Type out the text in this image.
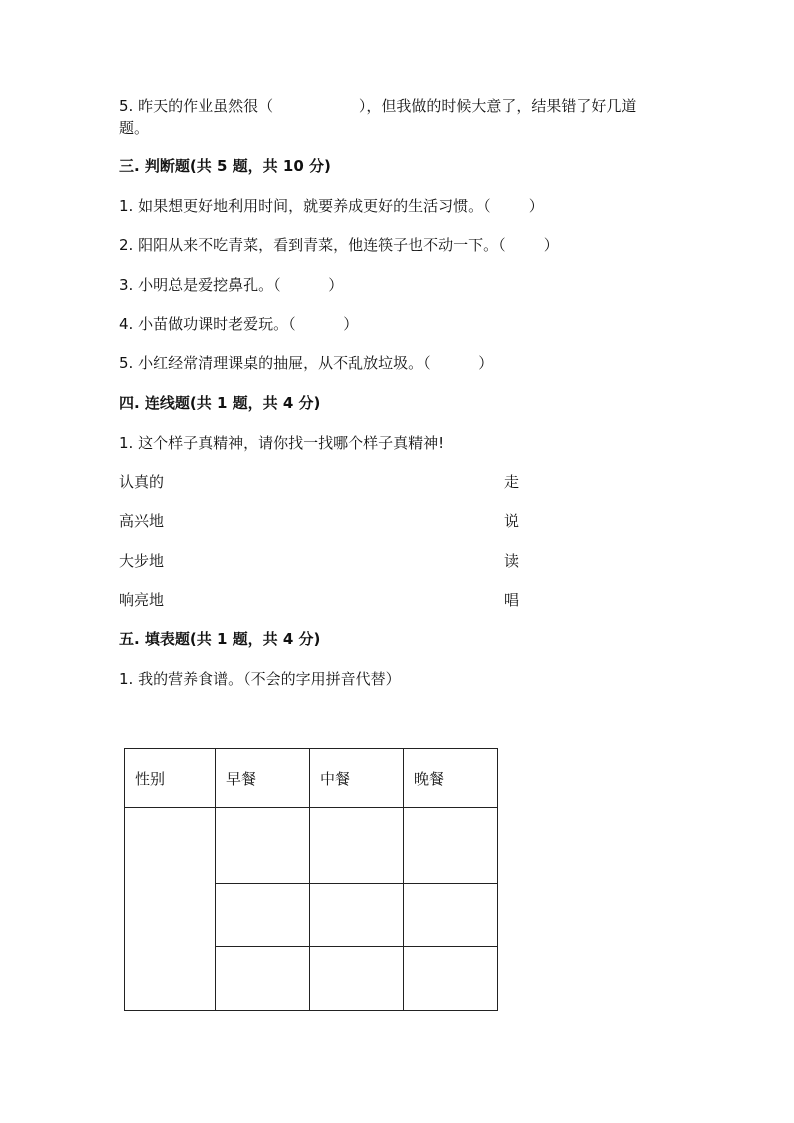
5. 昨天的作业虽然很（                  ），但我做的时候大意了，结果错了好几道
题。
三. 判断题(共 5 题，共 10 分)
1. 如果想更好地利用时间，就要养成更好的生活习惯。（        ）
2. 阳阳从来不吃青菜，看到青菜，他连筷子也不动一下。（        ）
3. 小明总是爱挖鼻孔。（          ）
4. 小苗做功课时老爱玩。（          ）
5. 小红经常清理课桌的抽屉，从不乱放垃圾。（          ）
四. 连线题(共 1 题，共 4 分)
1. 这个样子真精神，请你找一找哪个样子真精神!
认真的	走
高兴地	说
大步地	读
响亮地	唱
五. 填表题(共 1 题，共 4 分)
1. 我的营养食谱。（不会的字用拼音代替）
性别	早餐	中餐	晚餐
